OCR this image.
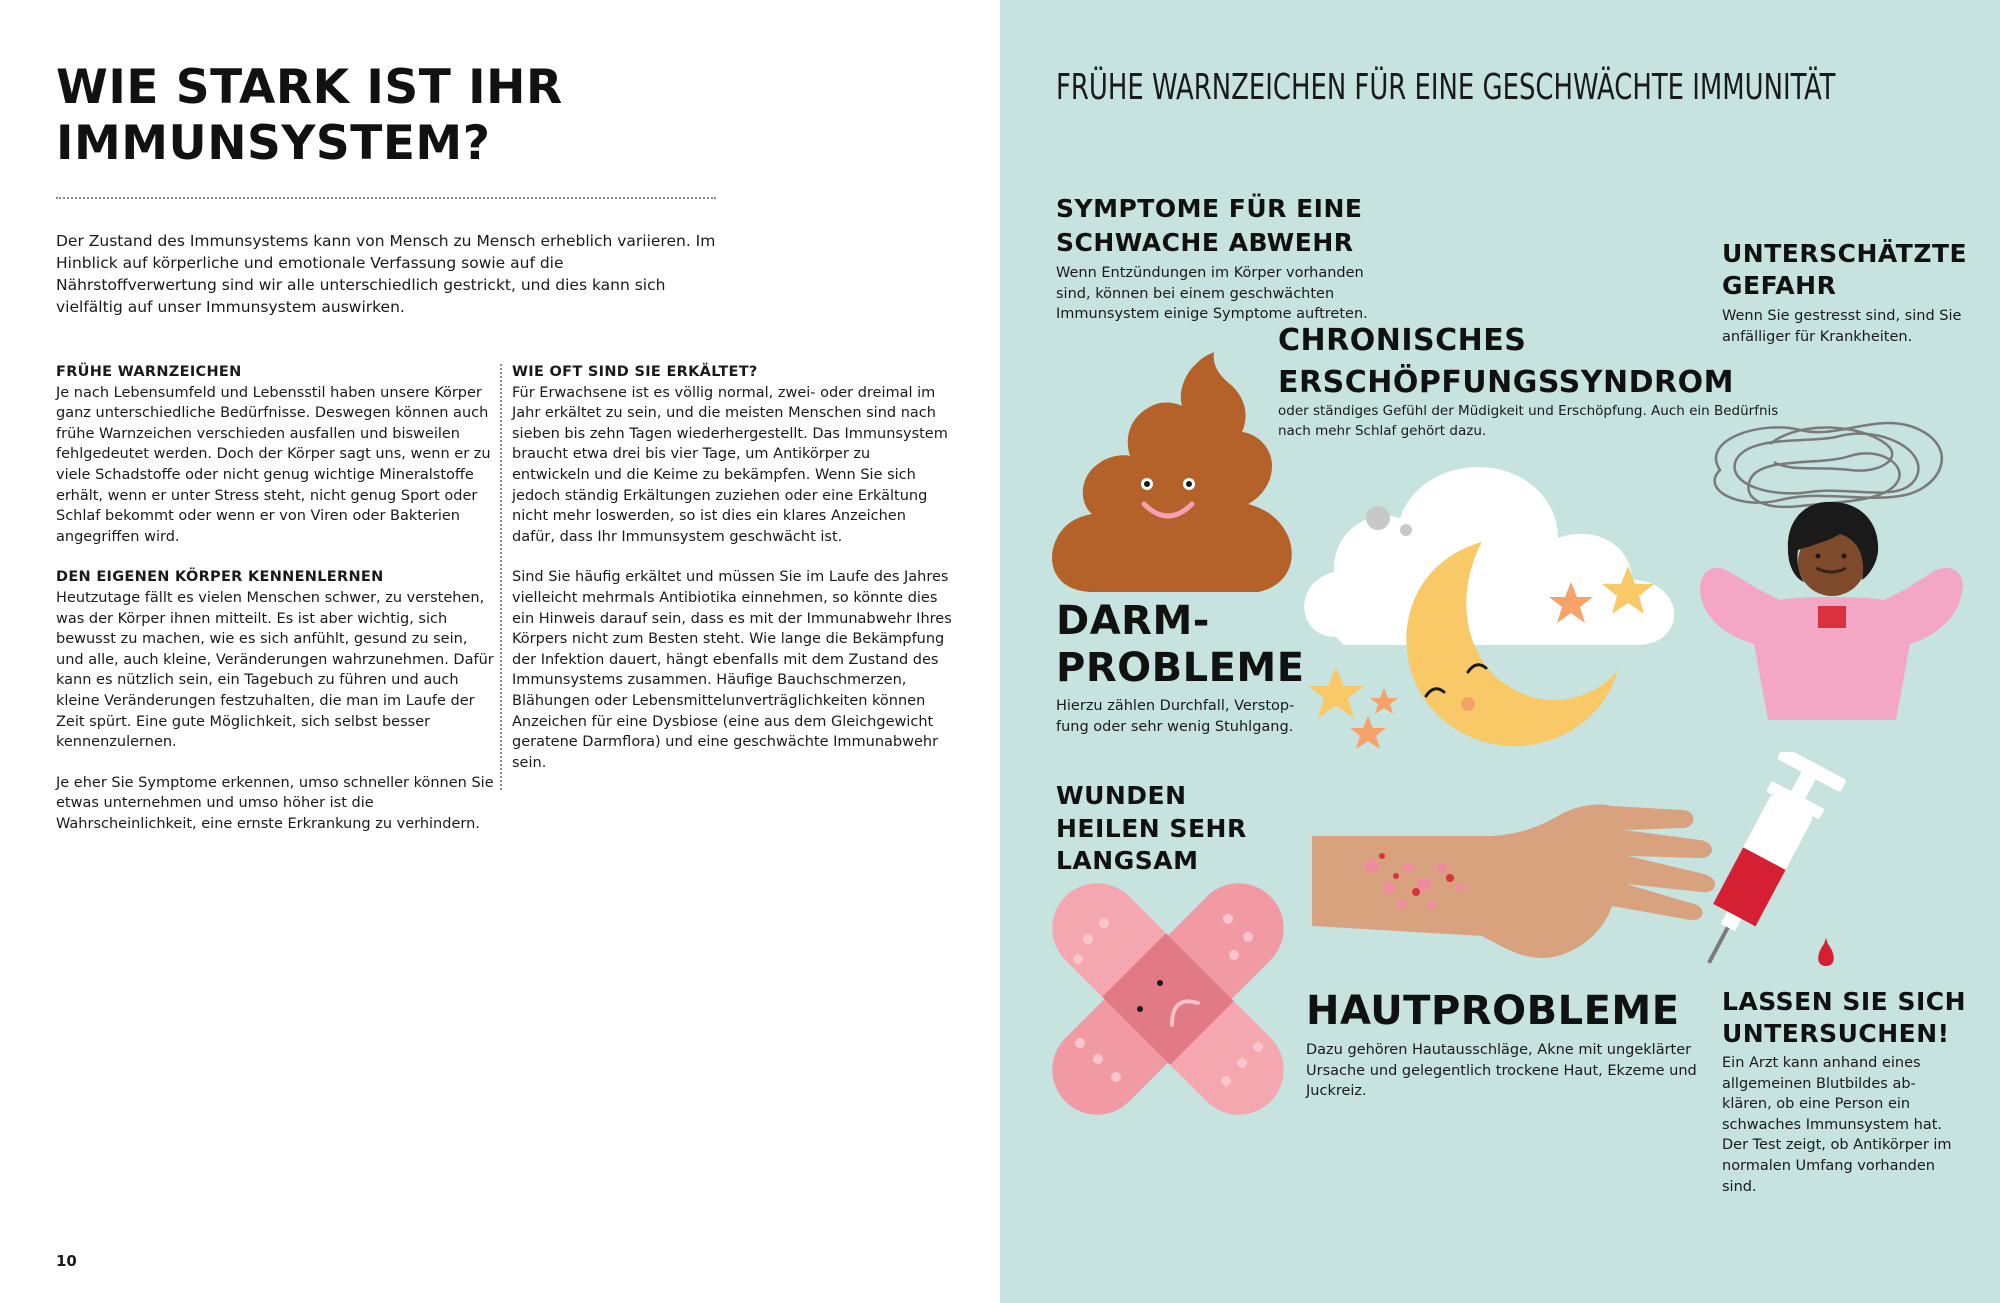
WIE STARK IST IHR IMMUNSYSTEM?

Der Zustand des Immunsystems kann von Mensch zu Mensch erheblich variieren. Im Hinblick auf körperliche und emotionale Verfassung sowie auf die Nährstoffverwertung sind wir alle unterschiedlich gestrickt, und dies kann sich vielfältig auf unser Immunsystem auswirken.

FRÜHE WARNZEICHEN

Je nach Lebensumfeld und Lebensstil haben unsere Körper ganz unterschiedliche Bedürfnisse. Deswegen können auch frühe Warnzeichen verschieden ausfallen und bisweilen fehlgedeutet werden. Doch der Körper sagt uns, wenn er zu viele Schadstoffe oder nicht genug wichtige Mineralstoffe erhält, wenn er unter Stress steht, nicht genug Sport oder Schlaf bekommt oder wenn er von Viren oder Bakterien angegriffen wird.

DEN EIGENEN KÖRPER KENNENLERNEN

Heutzutage fällt es vielen Menschen schwer, zu verstehen, was der Körper ihnen mitteilt. Es ist aber wichtig, sich bewusst zu machen, wie es sich anfühlt, gesund zu sein, und alle, auch kleine, Veränderungen wahrzunehmen. Dafür kann es nützlich sein, ein Tagebuch zu führen und auch kleine Veränderungen festzuhalten, die man im Laufe der Zeit spürt. Eine gute Möglichkeit, sich selbst besser kennenzulernen.

Je eher Sie Symptome erkennen, umso schneller können Sie etwas unternehmen und umso höher ist die Wahrscheinlichkeit, eine ernste Erkrankung zu verhindern.

WIE OFT SIND SIE ERKÄLTET?

Für Erwachsene ist es völlig normal, zwei- oder dreimal im Jahr erkältet zu sein, und die meisten Menschen sind nach sieben bis zehn Tagen wiederhergestellt. Das Immunsystem braucht etwa drei bis vier Tage, um Antikörper zu entwickeln und die Keime zu bekämpfen. Wenn Sie sich jedoch ständig Erkältungen zuziehen oder eine Erkältung nicht mehr loswerden, so ist dies ein klares Anzeichen dafür, dass Ihr Immunsystem geschwächt ist.

Sind Sie häufig erkältet und müssen Sie im Laufe des Jahres vielleicht mehrmals Antibiotika einnehmen, so könnte dies ein Hinweis darauf sein, dass es mit der Immunabwehr Ihres Körpers nicht zum Besten steht. Wie lange die Bekämpfung der Infektion dauert, hängt ebenfalls mit dem Zustand des Immunsystems zusammen. Häufige Bauchschmerzen, Blähungen oder Lebensmittelunverträglichkeiten können Anzeichen für eine Dysbiose (eine aus dem Gleichgewicht geratene Darmflora) und eine geschwächte Immunabwehr sein.

10
FRÜHE WARNZEICHEN FÜR EINE GESCHWÄCHTE IMMUNITÄT
SYMPTOME FÜR EINE SCHWACHE ABWEHR

Wenn Entzündungen im Körper vorhanden sind, können bei einem geschwächten Immunsystem einige Symptome auftreten.

UNTERSCHÄTZTE GEFAHR

Wenn Sie gestresst sind, sind Sie anfälliger für Krankheiten.

CHRONISCHES ERSCHÖPFUNGSSYNDROM

oder ständiges Gefühl der Müdigkeit und Erschöpfung. Auch ein Bedürfnis nach mehr Schlaf gehört dazu.

DARM-PROBLEME

Hierzu zählen Durchfall, Verstop-fung oder sehr wenig Stuhlgang.

WUNDEN HEILEN SEHR LANGSAM
HAUTPROBLEME

Dazu gehören Hautausschläge, Akne mit ungeklärter Ursache und gelegentlich trockene Haut, Ekzeme und Juckreiz.

LASSEN SIE SICH UNTERSUCHEN!

Ein Arzt kann anhand eines allgemeinen Blutbildes ab-klären, ob eine Person ein schwaches Immunsystem hat. Der Test zeigt, ob Antikörper im normalen Umfang vorhanden sind.
